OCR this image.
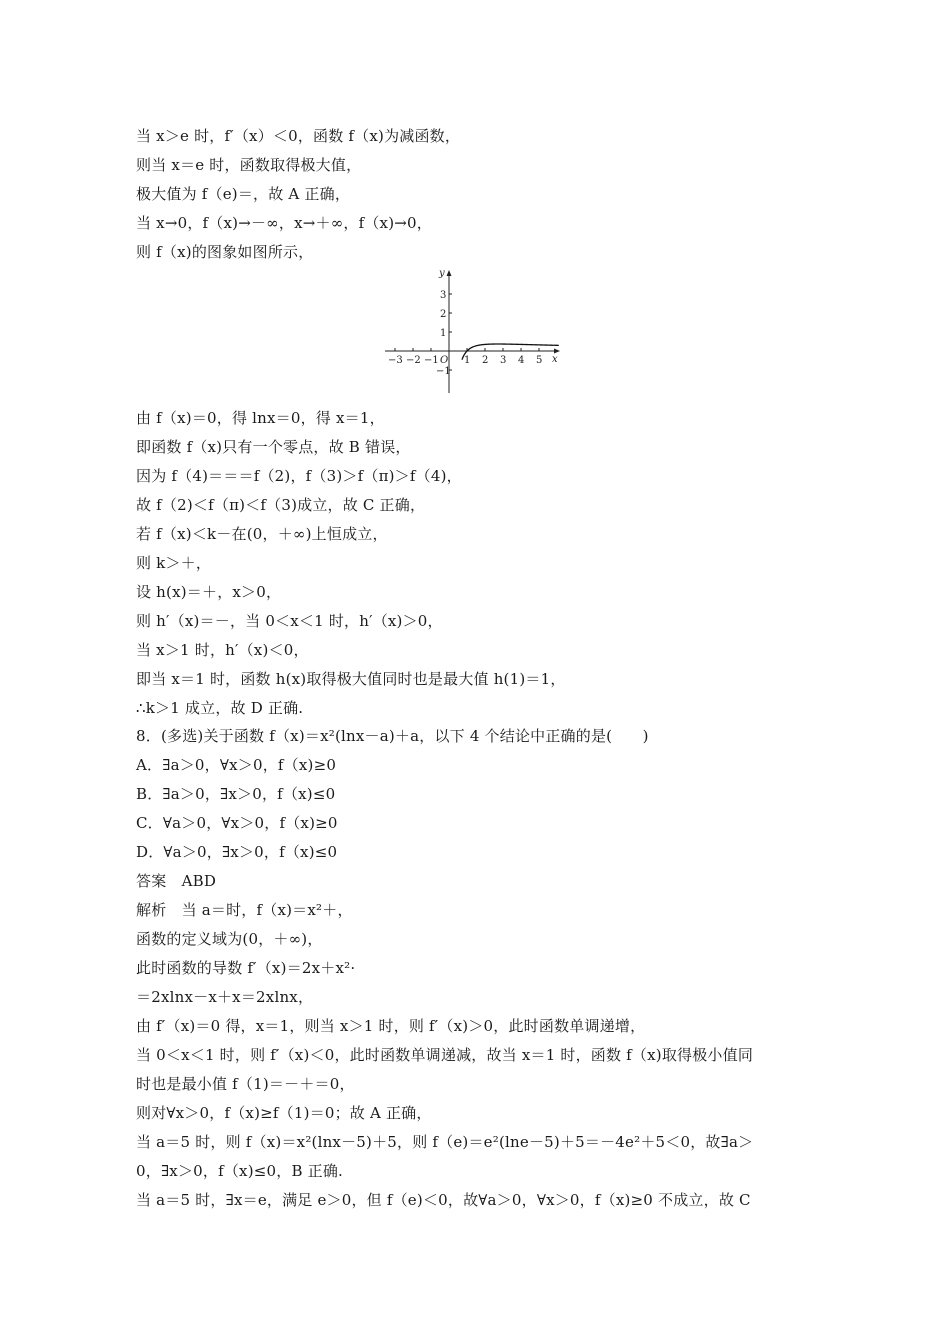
当 x＞e 时，f′（x）＜0，函数 f（x)为减函数，
则当 x＝e 时，函数取得极大值，
极大值为 f（e)＝，故 A 正确，
当 x→0，f（x)→－∞，x→＋∞，f（x)→0，
则 f（x)的图象如图所示，
−3 −2 −1	1 2 3 4 5
O	x
y
3
2
1
−1
由 f（x)＝0，得 lnx＝0，得 x＝1，
即函数 f（x)只有一个零点，故 B 错误，
因为 f（4)＝＝＝f（2)，f（3)＞f（π)＞f（4)，
故 f（2)＜f（π)＜f（3)成立，故 C 正确，
若 f（x)＜k－在(0，＋∞)上恒成立，
则 k＞＋，
设 h(x)＝＋，x＞0，
则 h′（x)＝－，当 0＜x＜1 时，h′（x)＞0，
当 x＞1 时，h′（x)＜0，
即当 x＝1 时，函数 h(x)取得极大值同时也是最大值 h(1)＝1，
∴k＞1 成立，故 D 正确.
8．(多选)关于函数 f（x)＝x²(lnx－a)＋a，以下 4 个结论中正确的是(　　)
A．∃a＞0，∀x＞0，f（x)≥0
B．∃a＞0，∃x＞0，f（x)≤0
C．∀a＞0，∀x＞0，f（x)≥0
D．∀a＞0，∃x＞0，f（x)≤0
答案　ABD
解析　当 a＝时，f（x)＝x²＋，
函数的定义域为(0，＋∞)，
此时函数的导数 f′（x)＝2x＋x²·
＝2xlnx－x＋x＝2xlnx，
由 f′（x)＝0 得，x＝1，则当 x＞1 时，则 f′（x)＞0，此时函数单调递增，
当 0＜x＜1 时，则 f′（x)＜0，此时函数单调递减，故当 x＝1 时，函数 f（x)取得极小值同
时也是最小值 f（1)＝－＋＝0，
则对∀x＞0，f（x)≥f（1)＝0；故 A 正确，
当 a＝5 时，则 f（x)＝x²(lnx－5)＋5，则 f（e)＝e²(lne－5)＋5＝－4e²＋5＜0，故∃a＞
0，∃x＞0，f（x)≤0，B 正确.
当 a＝5 时，∃x＝e，满足 e＞0，但 f（e)＜0，故∀a＞0，∀x＞0，f（x)≥0 不成立，故 C
